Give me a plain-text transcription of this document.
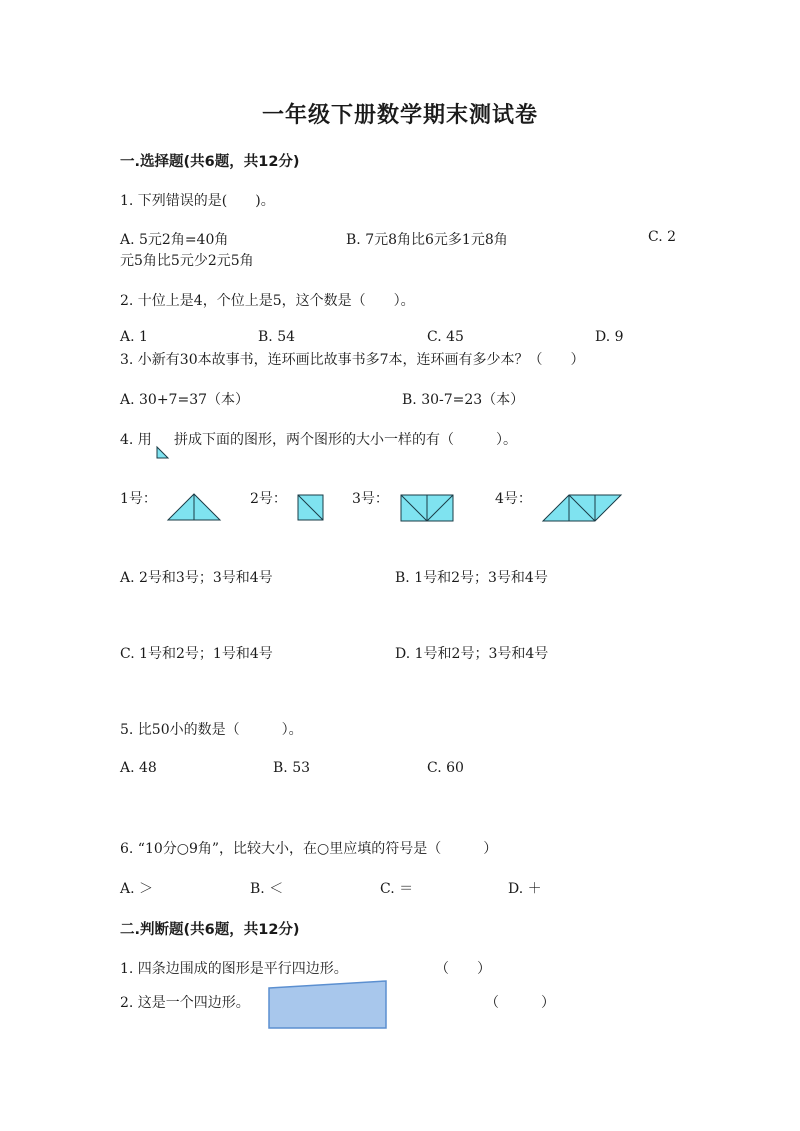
一年级下册数学期末测试卷
一.选择题(共6题，共12分)
1. 下列错误的是(　　)。
A. 5元2角=40角	B. 7元8角比6元多1元8角	C. 2
元5角比5元少2元5角
2. 十位上是4，个位上是5，这个数是（　　）。
A. 1	B. 54	C. 45	D. 9
3. 小新有30本故事书，连环画比故事书多7本，连环画有多少本？（　　）
A. 30+7=37（本）	B. 30-7=23（本）
4. 用 拼成下面的图形，两个图形的大小一样的有（　　　）。
1号：	2号：	3号：	4号：
A. 2号和3号；3号和4号	B. 1号和2号；3号和4号
C. 1号和2号；1号和4号	D. 1号和2号；3号和4号
5. 比50小的数是（　　　）。
A. 48	B. 53	C. 60
6. “10分○9角”，比较大小，在○里应填的符号是（　　　）
A. ＞	B. ＜	C. ＝	D. ＋
二.判断题(共6题，共12分)
1. 四条边围成的图形是平行四边形。	（　　）
2. 这是一个四边形。	（　　　）
